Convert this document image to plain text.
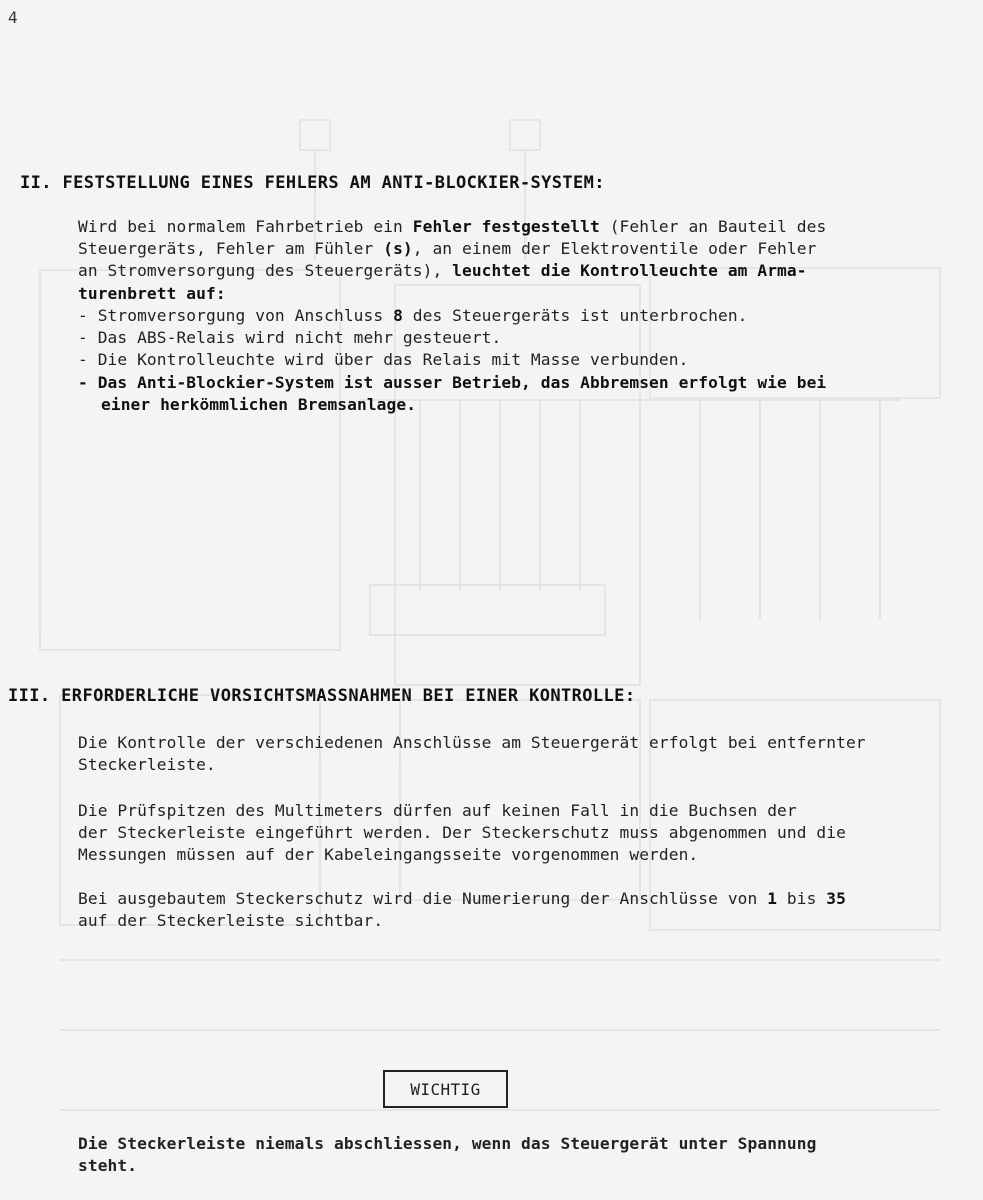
4
II. FESTSTELLUNG EINES FEHLERS AM ANTI-BLOCKIER-SYSTEM:
Wird bei normalem Fahrbetrieb ein Fehler festgestellt (Fehler an Bauteil des
Steuergeräts, Fehler am Fühler (s), an einem der Elektroventile oder Fehler
an Stromversorgung des Steuergeräts), leuchtet die Kontrolleuchte am Arma-
turenbrett auf:
- Stromversorgung von Anschluss 8 des Steuergeräts ist unterbrochen.
- Das ABS-Relais wird nicht mehr gesteuert.
- Die Kontrolleuchte wird über das Relais mit Masse verbunden.
- Das Anti-Blockier-System ist ausser Betrieb, das Abbremsen erfolgt wie bei
einer herkömmlichen Bremsanlage.
III. ERFORDERLICHE VORSICHTSMASSNAHMEN BEI EINER KONTROLLE:
Die Kontrolle der verschiedenen Anschlüsse am Steuergerät erfolgt bei entfernter
Steckerleiste.
Die Prüfspitzen des Multimeters dürfen auf keinen Fall in die Buchsen der
der Steckerleiste eingeführt werden. Der Steckerschutz muss abgenommen und die
Messungen müssen auf der Kabeleingangsseite vorgenommen werden.
Bei ausgebautem Steckerschutz wird die Numerierung der Anschlüsse von 1 bis 35
auf der Steckerleiste sichtbar.
WICHTIG
Die Steckerleiste niemals abschliessen, wenn das Steuergerät unter Spannung
steht.
